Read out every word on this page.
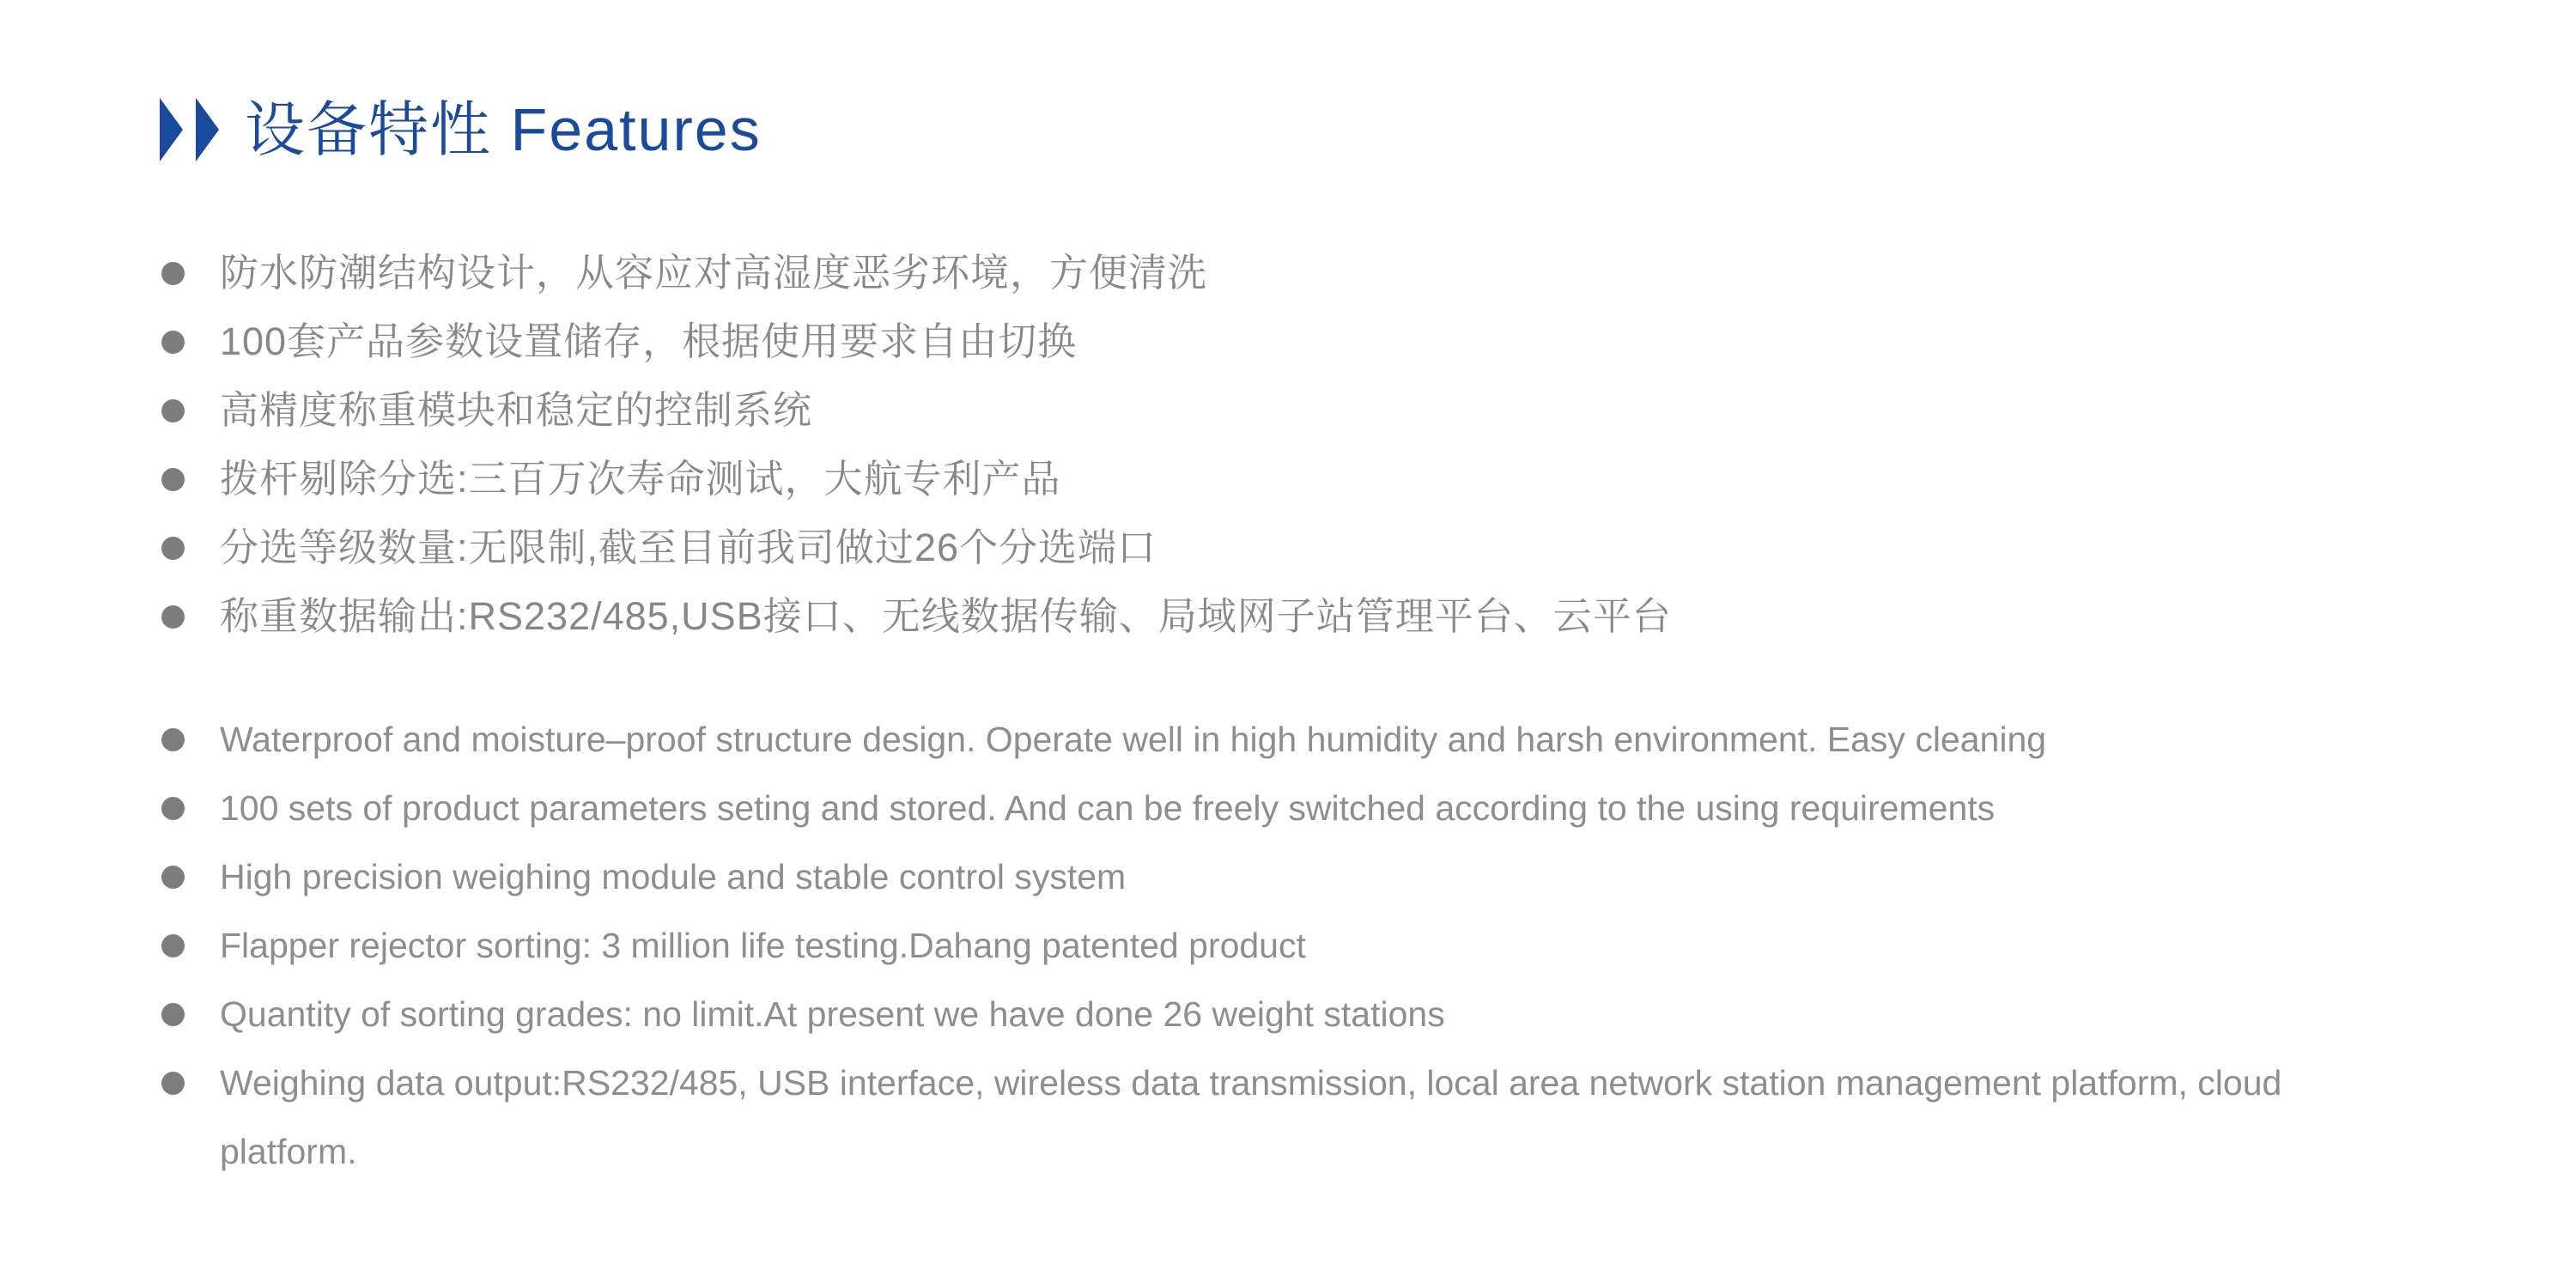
设备特性 Features
防水防潮结构设计，从容应对高湿度恶劣环境，方便清洗
100套产品参数设置储存，根据使用要求自由切换
高精度称重模块和稳定的控制系统
拨杆剔除分选:三百万次寿命测试，大航专利产品
分选等级数量:无限制,截至目前我司做过26个分选端口
称重数据输出:RS232/485,USB接口、无线数据传输、局域网子站管理平台、云平台
Waterproof and moisture–proof structure design. Operate well in high humidity and harsh environment. Easy cleaning
100 sets of product parameters seting and stored. And can be freely switched according to the using requirements
High precision weighing module and stable control system
Flapper rejector sorting: 3 million life testing.Dahang patented product
Quantity of sorting grades: no limit.At present we have done 26 weight stations
Weighing data output:RS232/485, USB interface, wireless data transmission, local area network station management platform, cloud platform.
